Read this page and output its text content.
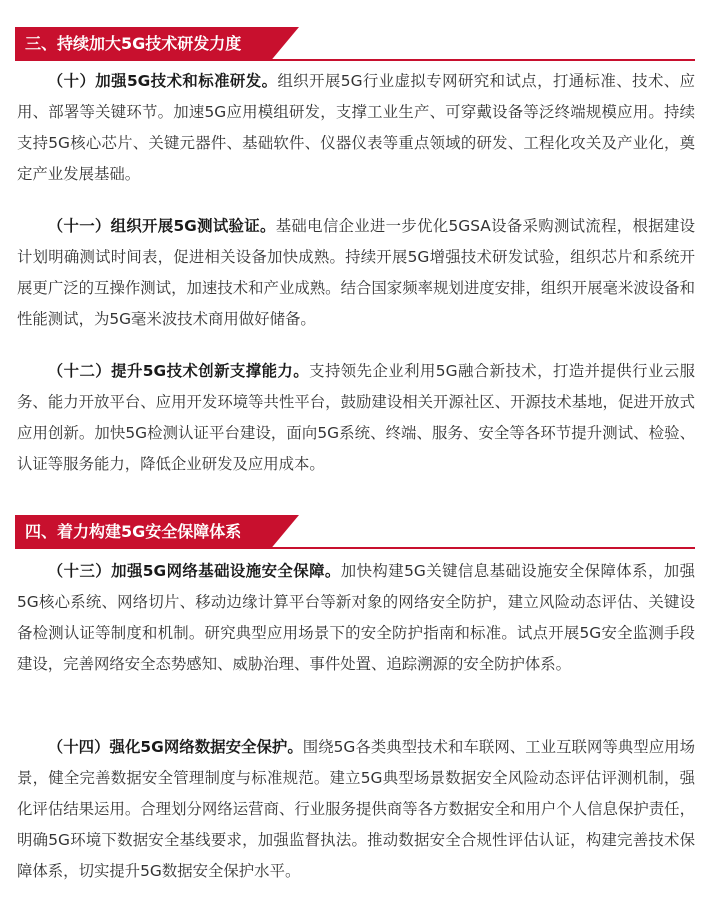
三、持续加大5G技术研发力度

（十）加强5G技术和标准研发。组织开展5G行业虚拟专网研究和试点，打通标准、技术、应用、部署等关键环节。加速5G应用模组研发，支撑工业生产、可穿戴设备等泛终端规模应用。持续支持5G核心芯片、关键元器件、基础软件、仪器仪表等重点领域的研发、工程化攻关及产业化，奠定产业发展基础。

（十一）组织开展5G测试验证。基础电信企业进一步优化5GSA设备采购测试流程，根据建设计划明确测试时间表，促进相关设备加快成熟。持续开展5G增强技术研发试验，组织芯片和系统开展更广泛的互操作测试，加速技术和产业成熟。结合国家频率规划进度安排，组织开展毫米波设备和性能测试，为5G毫米波技术商用做好储备。

（十二）提升5G技术创新支撑能力。支持领先企业利用5G融合新技术，打造并提供行业云服务、能力开放平台、应用开发环境等共性平台，鼓励建设相关开源社区、开源技术基地，促进开放式应用创新。加快5G检测认证平台建设，面向5G系统、终端、服务、安全等各环节提升测试、检验、认证等服务能力，降低企业研发及应用成本。

四、着力构建5G安全保障体系

（十三）加强5G网络基础设施安全保障。加快构建5G关键信息基础设施安全保障体系，加强5G核心系统、网络切片、移动边缘计算平台等新对象的网络安全防护，建立风险动态评估、关键设备检测认证等制度和机制。研究典型应用场景下的安全防护指南和标准。试点开展5G安全监测手段建设，完善网络安全态势感知、威胁治理、事件处置、追踪溯源的安全防护体系。

（十四）强化5G网络数据安全保护。围绕5G各类典型技术和车联网、工业互联网等典型应用场景，健全完善数据安全管理制度与标准规范。建立5G典型场景数据安全风险动态评估评测机制，强化评估结果运用。合理划分网络运营商、行业服务提供商等各方数据安全和用户个人信息保护责任，明确5G环境下数据安全基线要求，加强监督执法。推动数据安全合规性评估认证，构建完善技术保障体系，切实提升5G数据安全保护水平。
